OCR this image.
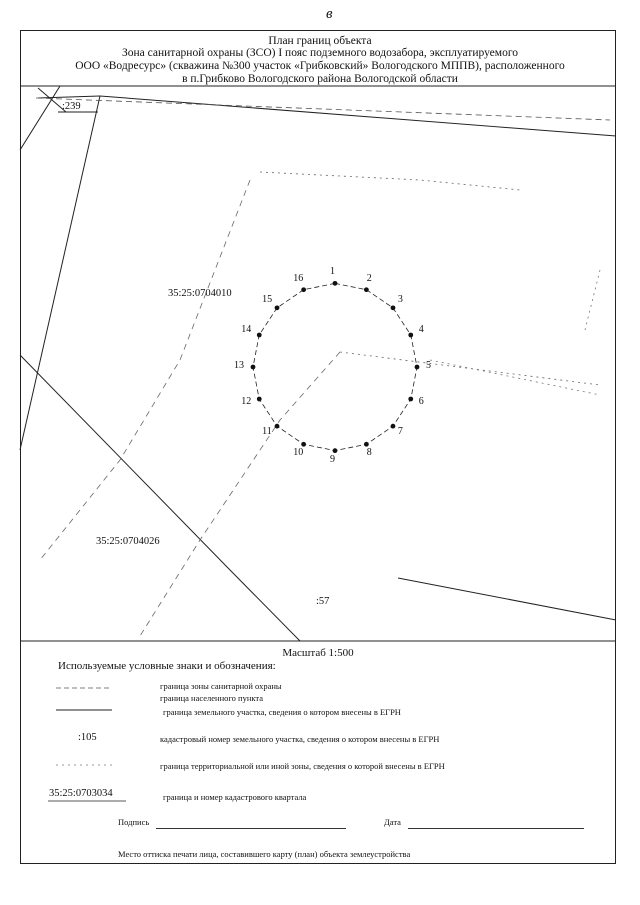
в
План границ объекта
Зона санитарной охраны (ЗСО) I пояс подземного водозабора, эксплуатируемого
ООО «Водресурс» (скважина №300 участок «Грибковский» Вологодского МППВ), расположенного
в п.Грибково Вологодского района Вологодской области
:239
35:25:0704010
35:25:0704026
:57
1
2
3
4
5
6
7
8
9
10
11
12
13
14
15
16
Масштаб 1:500
Используемые условные знаки и обозначения:
граница зоны санитарной охраны
граница населенного пункта
граница земельного участка, сведения о котором внесены в ЕГРН
:105	кадастровый номер земельного участка, сведения о котором внесены в ЕГРН
граница территориальной или иной зоны, сведения о которой внесены в ЕГРН
35:25:0703034	граница и номер кадастрового квартала
Подпись	Дата
Место оттиска печати лица, составившего карту (план) объекта землеустройства
